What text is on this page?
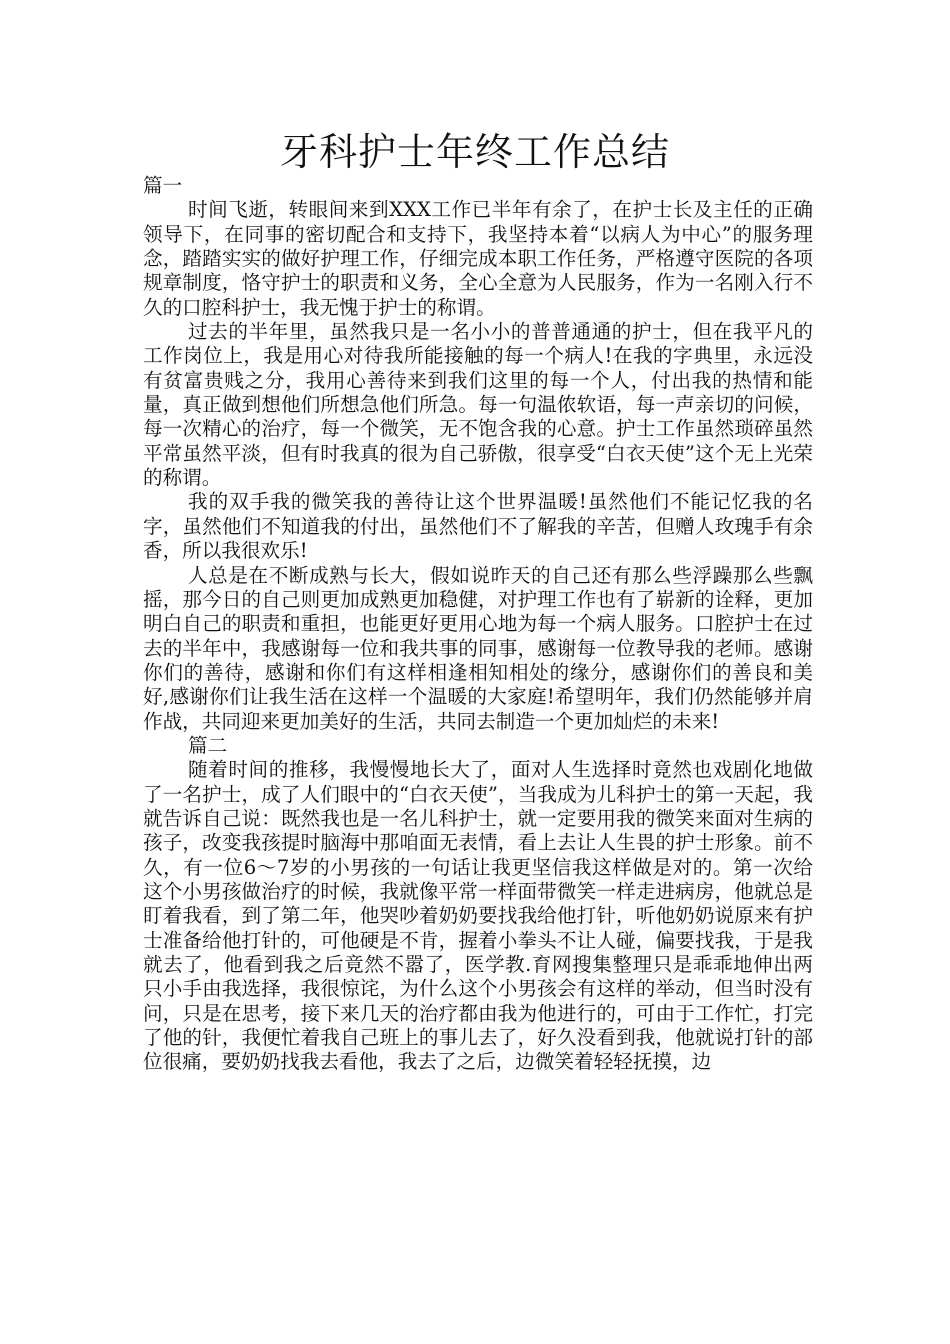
牙科护士年终工作总结

篇一

时间飞逝，转眼间来到XXX工作已半年有余了，在护士长及主任的正确领导下，在同事的密切配合和支持下，我坚持本着“以病人为中心”的服务理念，踏踏实实的做好护理工作，仔细完成本职工作任务，严格遵守医院的各项规章制度，恪守护士的职责和义务，全心全意为人民服务，作为一名刚入行不久的口腔科护士，我无愧于护士的称谓。

过去的半年里，虽然我只是一名小小的普普通通的护士，但在我平凡的工作岗位上，我是用心对待我所能接触的每一个病人!在我的字典里，永远没有贫富贵贱之分，我用心善待来到我们这里的每一个人，付出我的热情和能量，真正做到想他们所想急他们所急。每一句温侬软语，每一声亲切的问候，每一次精心的治疗，每一个微笑，无不饱含我的心意。护士工作虽然琐碎虽然平常虽然平淡，但有时我真的很为自己骄傲，很享受“白衣天使”这个无上光荣的称谓。

我的双手我的微笑我的善待让这个世界温暖!虽然他们不能记忆我的名字，虽然他们不知道我的付出，虽然他们不了解我的辛苦，但赠人玫瑰手有余香，所以我很欢乐!

人总是在不断成熟与长大，假如说昨天的自己还有那么些浮躁那么些飘摇，那今日的自己则更加成熟更加稳健，对护理工作也有了崭新的诠释，更加明白自己的职责和重担，也能更好更用心地为每一个病人服务。口腔护士在过去的半年中，我感谢每一位和我共事的同事，感谢每一位教导我的老师。感谢你们的善待，感谢和你们有这样相逢相知相处的缘分，感谢你们的善良和美好,感谢你们让我生活在这样一个温暖的大家庭!希望明年，我们仍然能够并肩作战，共同迎来更加美好的生活，共同去制造一个更加灿烂的未来!

篇二

随着时间的推移，我慢慢地长大了，面对人生选择时竟然也戏剧化地做了一名护士，成了人们眼中的“白衣天使”，当我成为儿科护士的第一天起，我就告诉自己说：既然我也是一名儿科护士，就一定要用我的微笑来面对生病的孩子，改变我孩提时脑海中那咱面无表情，看上去让人生畏的护士形象。前不久，有一位6～7岁的小男孩的一句话让我更坚信我这样做是对的。第一次给这个小男孩做治疗的时候，我就像平常一样面带微笑一样走进病房，他就总是盯着我看，到了第二年，他哭吵着奶奶要找我给他打针，听他奶奶说原来有护士准备给他打针的，可他硬是不肯，握着小拳头不让人碰，偏要找我，于是我就去了，他看到我之后竟然不嚣了，医学教.育网搜集整理只是乖乖地伸出两只小手由我选择，我很惊诧，为什么这个小男孩会有这样的举动，但当时没有问，只是在思考，接下来几天的治疗都由我为他进行的，可由于工作忙，打完了他的针，我便忙着我自己班上的事儿去了，好久没看到我，他就说打针的部位很痛，要奶奶找我去看他，我去了之后，边微笑着轻轻抚摸，边
